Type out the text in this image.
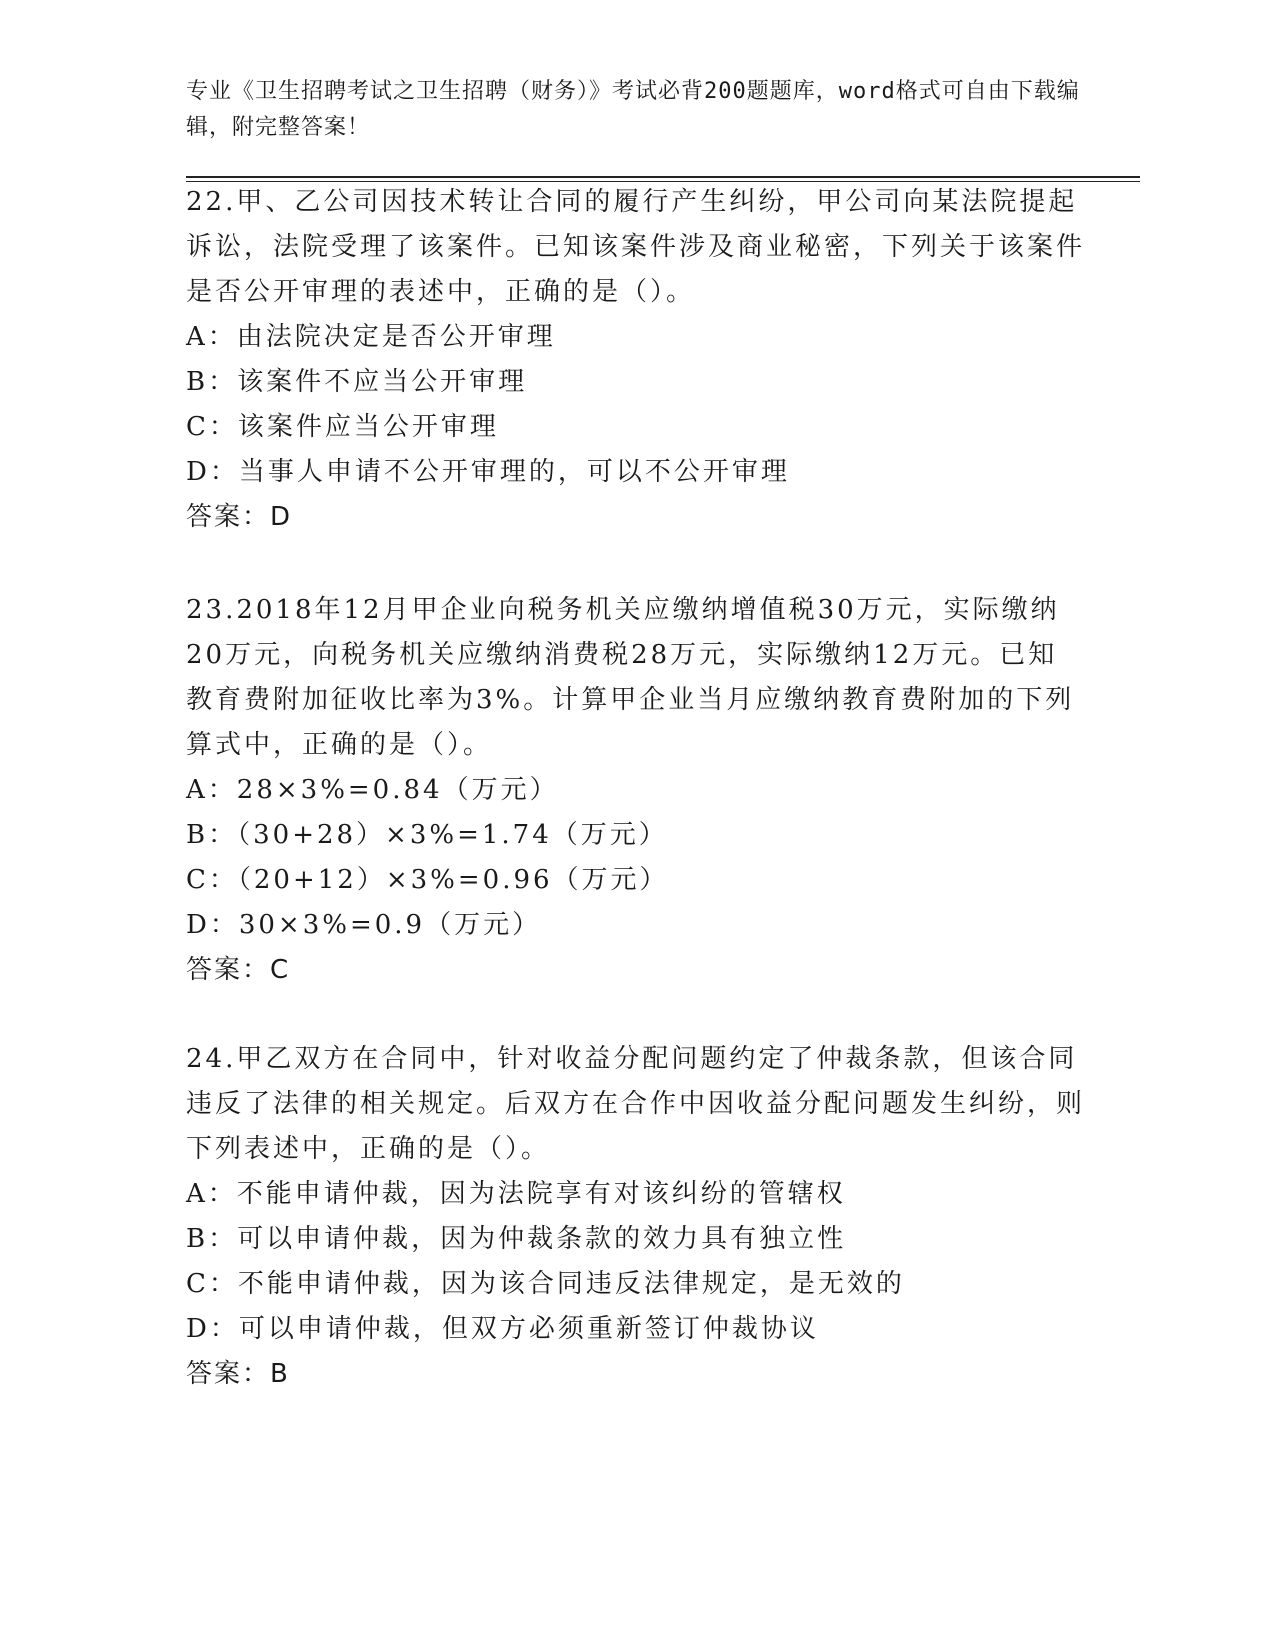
专业《卫生招聘考试之卫生招聘（财务）》考试必背200题题库，word格式可自由下载编辑，附完整答案！

22.甲、乙公司因技术转让合同的履行产生纠纷，甲公司向某法院提起诉讼，法院受理了该案件。已知该案件涉及商业秘密，下列关于该案件是否公开审理的表述中，正确的是（）。

A：由法院决定是否公开审理

B：该案件不应当公开审理

C：该案件应当公开审理

D：当事人申请不公开审理的，可以不公开审理

答案：D

23.2018年12月甲企业向税务机关应缴纳增值税30万元，实际缴纳20万元，向税务机关应缴纳消费税28万元，实际缴纳12万元。已知教育费附加征收比率为3%。计算甲企业当月应缴纳教育费附加的下列算式中，正确的是（）。

A：28×3%=0.84（万元）

B：（30+28）×3%=1.74（万元）

C：（20+12）×3%=0.96（万元）

D：30×3%=0.9（万元）

答案：C

24.甲乙双方在合同中，针对收益分配问题约定了仲裁条款，但该合同违反了法律的相关规定。后双方在合作中因收益分配问题发生纠纷，则下列表述中，正确的是（）。

A：不能申请仲裁，因为法院享有对该纠纷的管辖权

B：可以申请仲裁，因为仲裁条款的效力具有独立性

C：不能申请仲裁，因为该合同违反法律规定，是无效的

D：可以申请仲裁，但双方必须重新签订仲裁协议

答案：B
